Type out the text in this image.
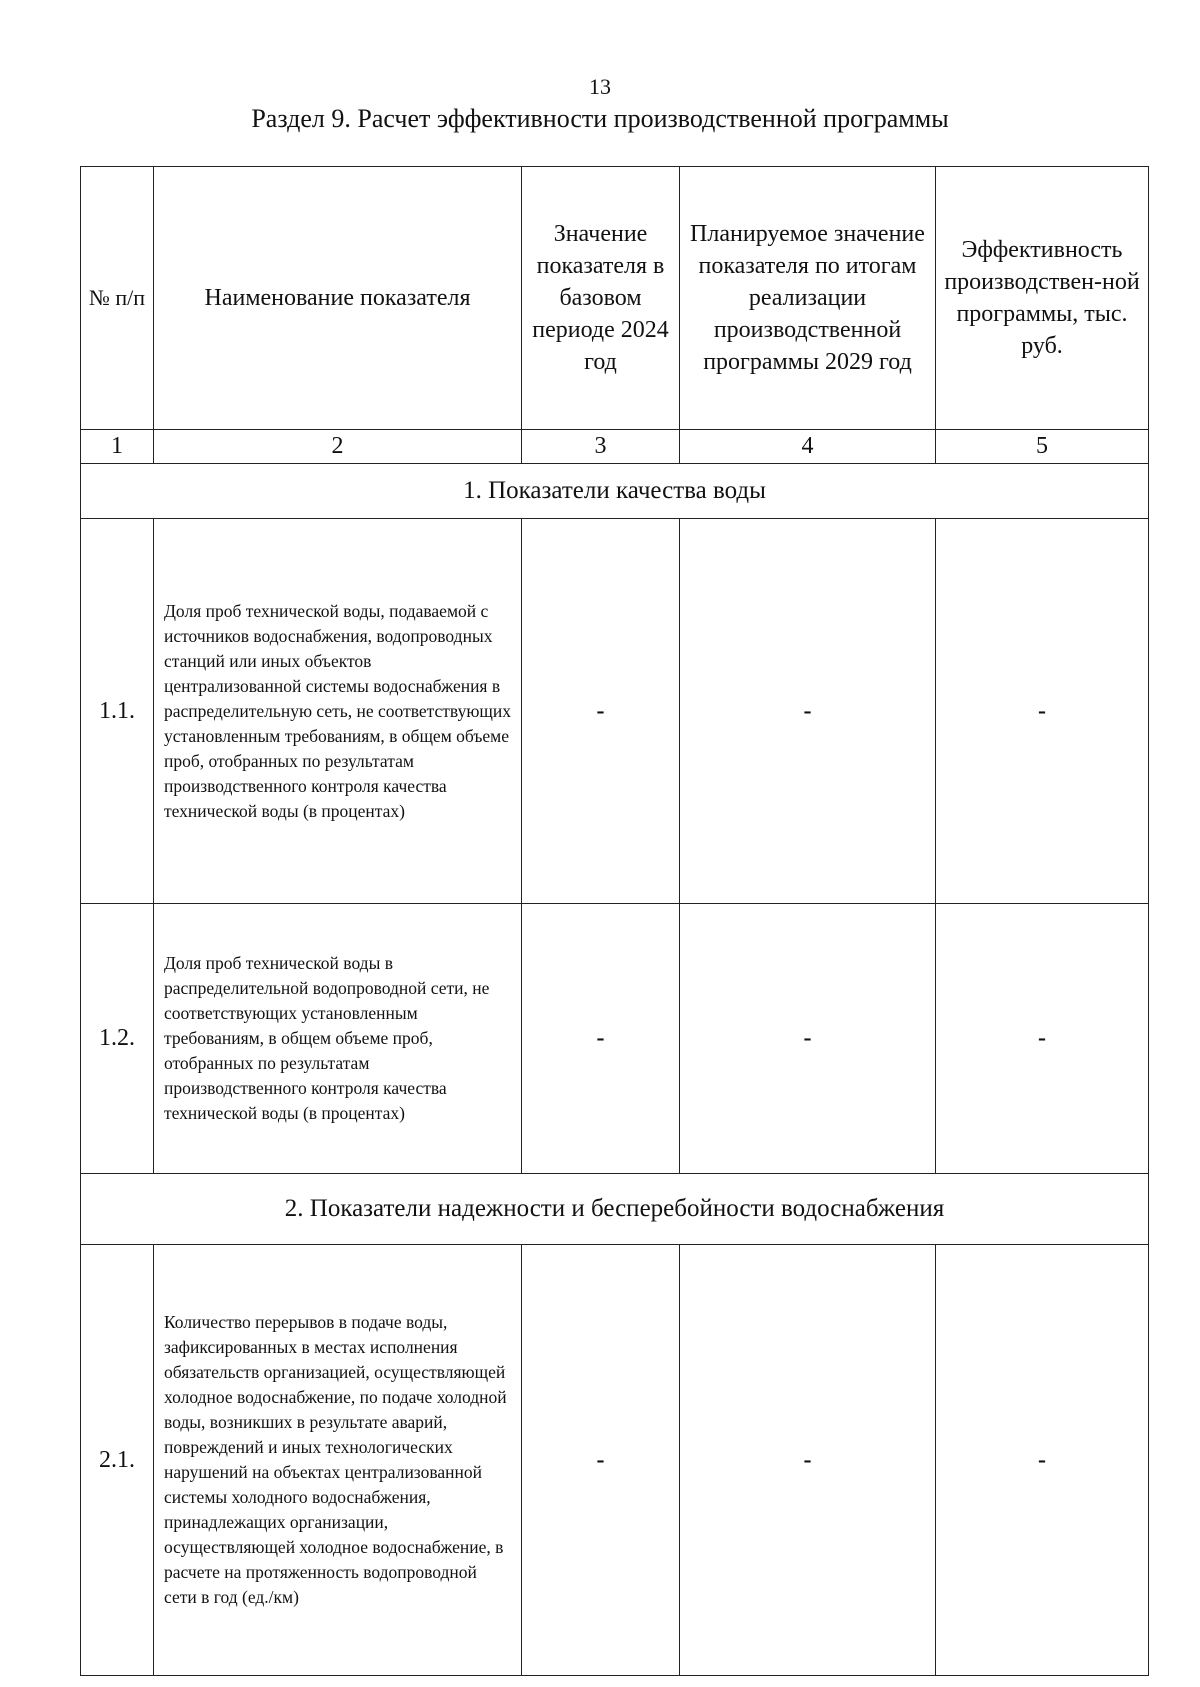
13
Раздел 9. Расчет эффективности производственной программы
№ п/п	Наименование показателя	Значение показателя в базовом периоде 2024 год	Планируемое значение показателя по итогам реализации производственной программы 2029 год	Эффективность производствен-ной программы, тыс. руб.
1	2	3	4	5
1. Показатели качества воды				
1.1.	Доля проб технической воды, подаваемой с источников водоснабжения, водопроводных станций или иных объектов централизованной системы водоснабжения в распределительную сеть, не соответствующих установленным требованиям, в общем объеме проб, отобранных по результатам производственного контроля качества технической воды (в процентах)	-	-	-
1.2.	Доля проб технической воды в распределительной водопроводной сети, не соответствующих установленным требованиям, в общем объеме проб, отобранных по результатам производственного контроля качества технической воды (в процентах)	-	-	-
2. Показатели надежности и бесперебойности водоснабжения				
2.1.	Количество перерывов в подаче воды, зафиксированных в местах исполнения обязательств организацией, осуществляющей холодное водоснабжение, по подаче холодной воды, возникших в результате аварий, повреждений и иных технологических нарушений на объектах централизованной системы холодного водоснабжения, принадлежащих организации, осуществляющей холодное водоснабжение, в расчете на протяженность водопроводной сети в год (ед./км)	-	-	-
